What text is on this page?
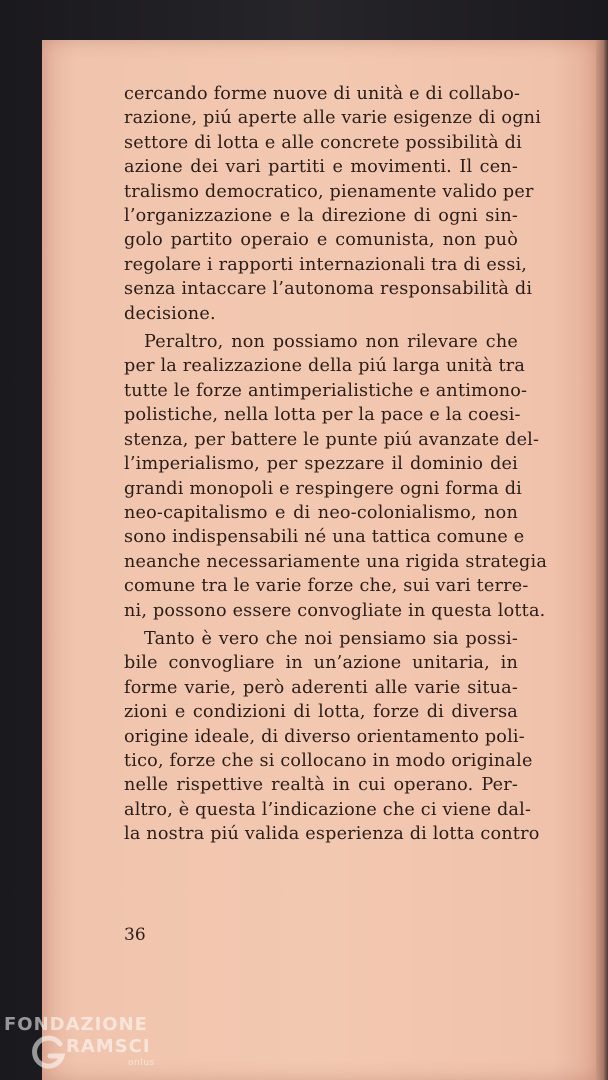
cercando forme nuove di unità e di collabo-
razione, piú aperte alle varie esigenze di ogni
settore di lotta e alle concrete possibilità di
azione dei vari partiti e movimenti. Il cen-
tralismo democratico, pienamente valido per
l’organizzazione e la direzione di ogni sin-
golo partito operaio e comunista, non può
regolare i rapporti internazionali tra di essi,
senza intaccare l’autonoma responsabilità di
decisione.
Peraltro, non possiamo non rilevare che
per la realizzazione della piú larga unità tra
tutte le forze antimperialistiche e antimono-
polistiche, nella lotta per la pace e la coesi-
stenza, per battere le punte piú avanzate del-
l’imperialismo, per spezzare il dominio dei
grandi monopoli e respingere ogni forma di
neo-capitalismo e di neo-colonialismo, non
sono indispensabili né una tattica comune e
neanche necessariamente una rigida strategia
comune tra le varie forze che, sui vari terre-
ni, possono essere convogliate in questa lotta.
Tanto è vero che noi pensiamo sia possi-
bile convogliare in un’azione unitaria, in
forme varie, però aderenti alle varie situa-
zioni e condizioni di lotta, forze di diversa
origine ideale, di diverso orientamento poli-
tico, forze che si collocano in modo originale
nelle rispettive realtà in cui operano. Per-
altro, è questa l’indicazione che ci viene dal-
la nostra piú valida esperienza di lotta contro
36
FONDAZIONE
RAMSCI
onlus
